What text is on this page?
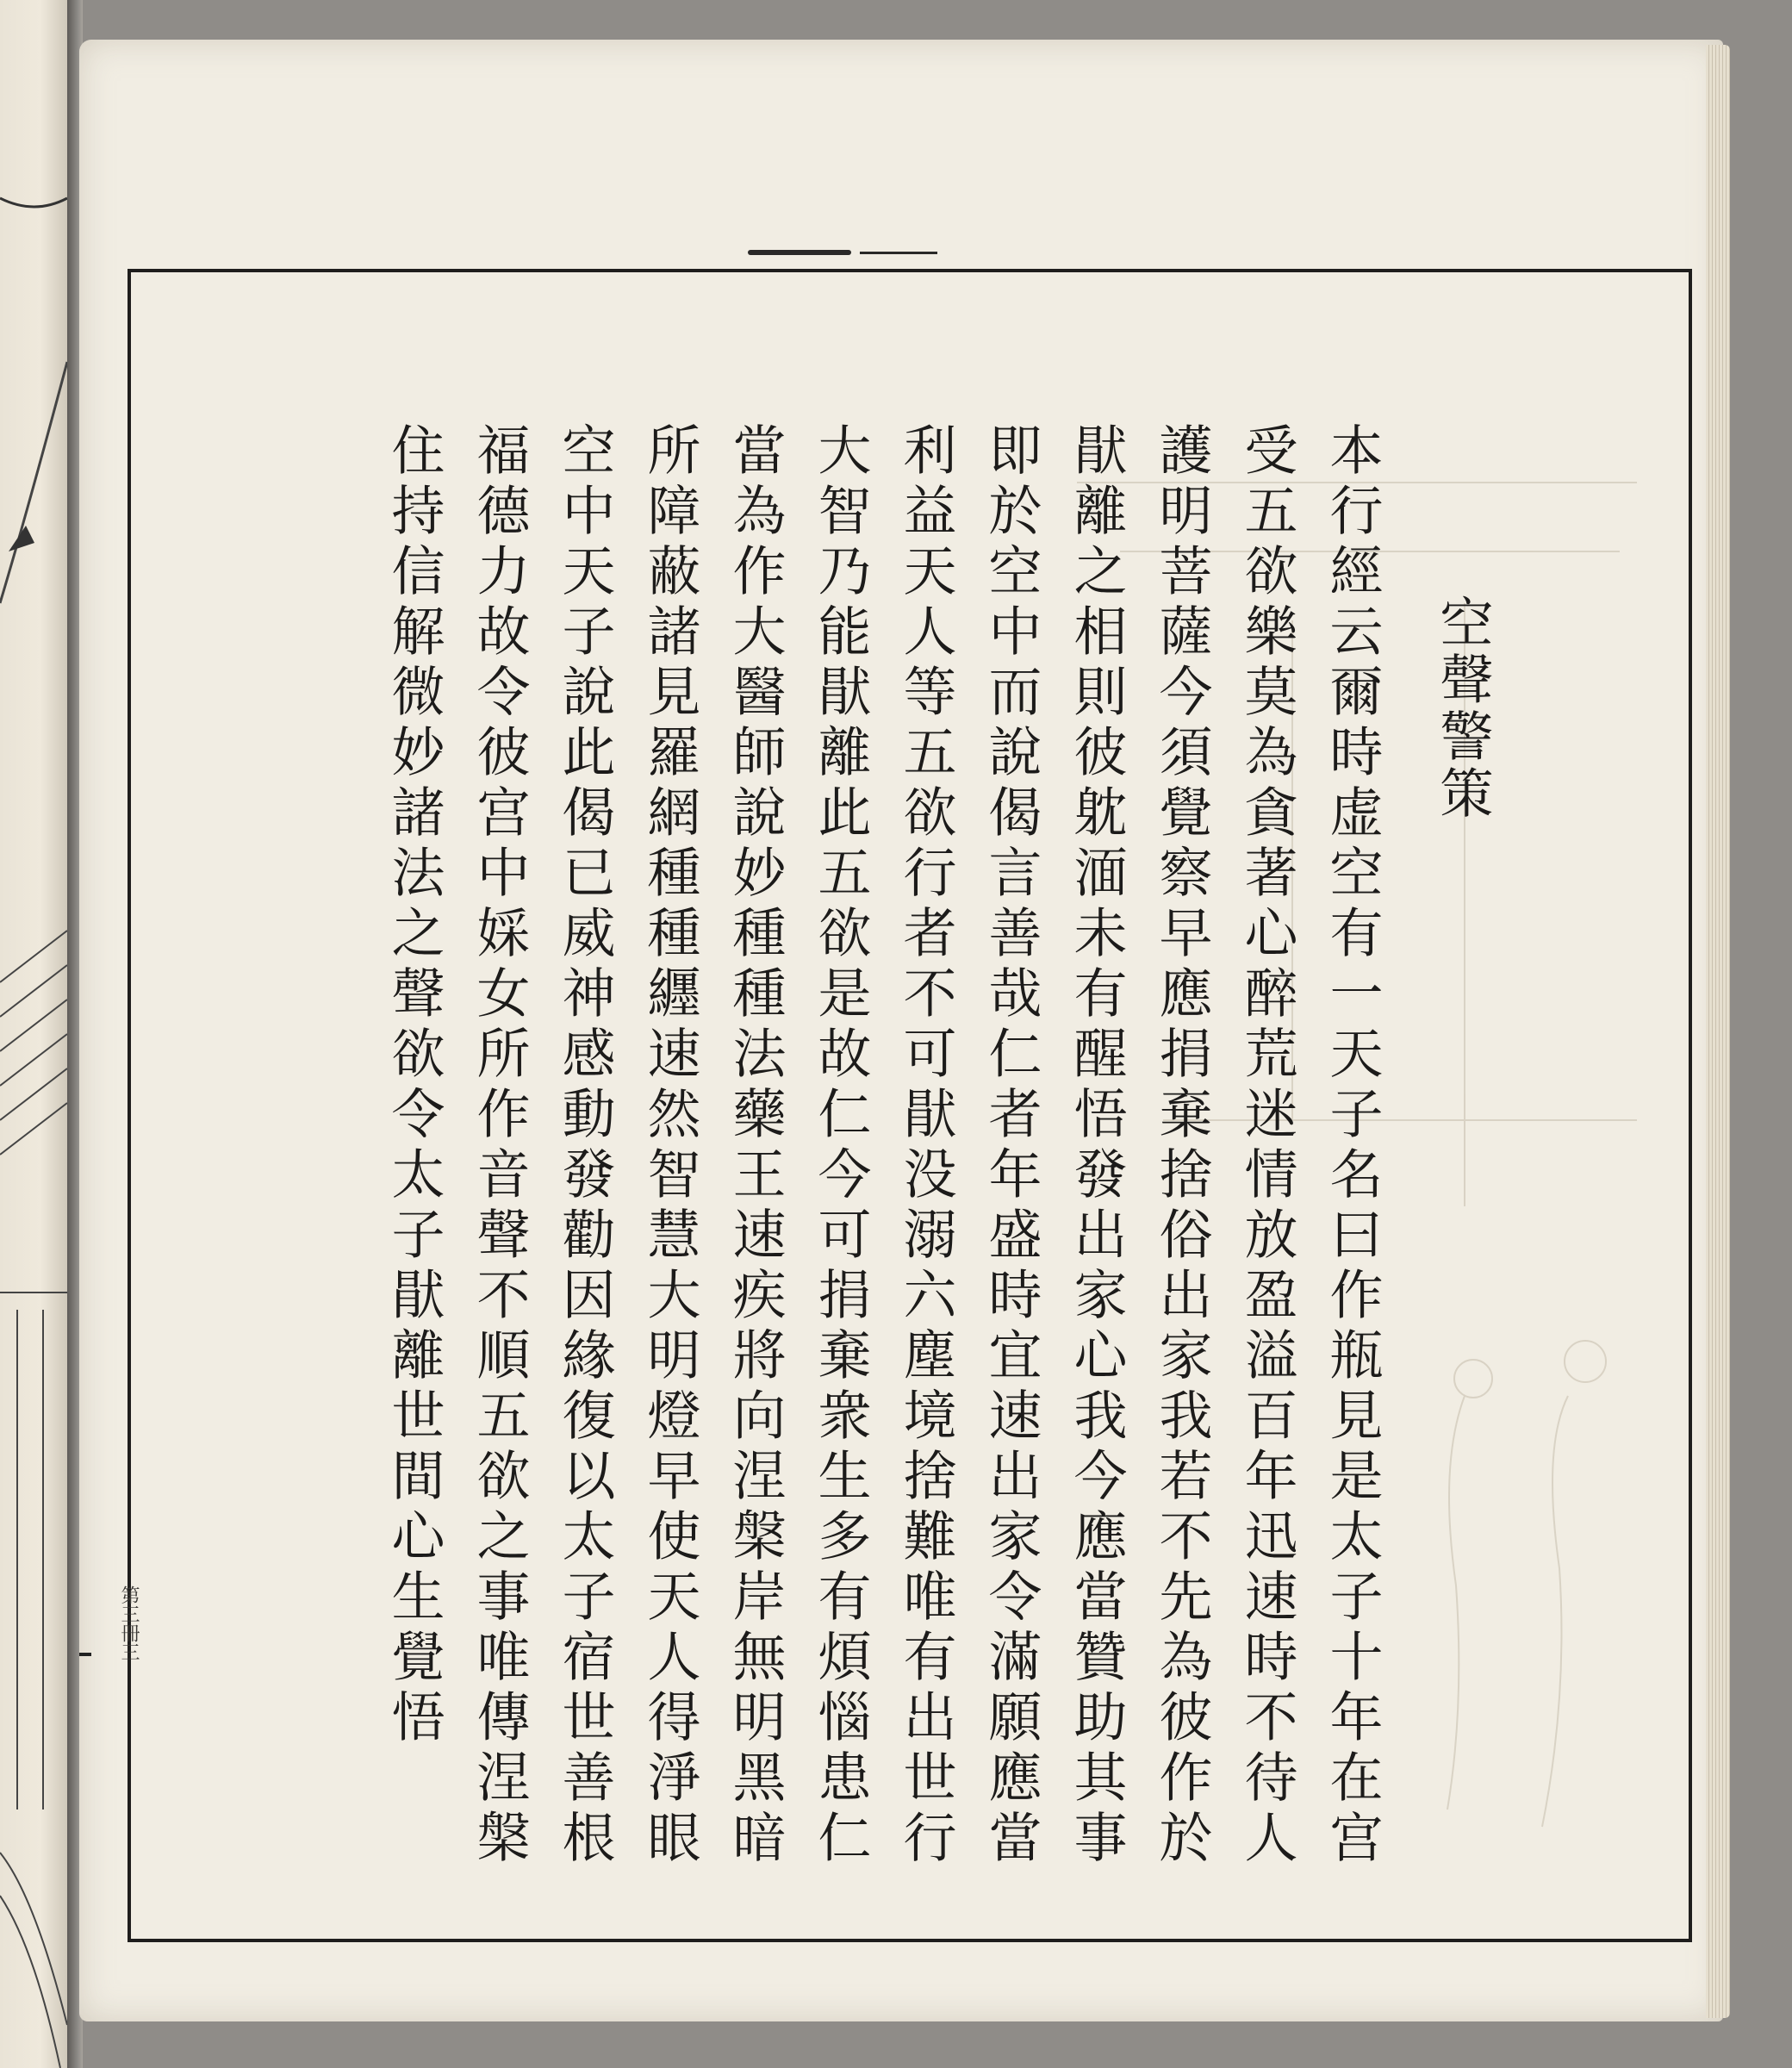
空聲警策
本行經云爾時虚空有一天子名曰作瓶見是太子十年在宫
受五欲樂莫為貪著心醉荒迷情放盈溢百年迅速時不待人
護明菩薩今須覺察早應捐棄捨俗出家我若不先為彼作於
猒離之相則彼躭湎未有醒悟發出家心我今應當贊助其事
即於空中而說偈言善哉仁者年盛時宜速出家令滿願應當
利益天人等五欲行者不可猒没溺六塵境捨難唯有出世行
大智乃能猒離此五欲是故仁今可捐棄衆生多有煩惱患仁
當為作大醫師說妙種種法藥王速疾將向涅槃岸無明黑暗
所障蔽諸見羅網種種纒速然智慧大明燈早使天人得淨眼
空中天子說此偈已威神感動發勸因緣復以太子宿世善根
福德力故令彼宫中婇女所作音聲不順五欲之事唯傳涅槃
住持信解微妙諸法之聲欲令太子猒離世間心生覺悟
第三冊三
